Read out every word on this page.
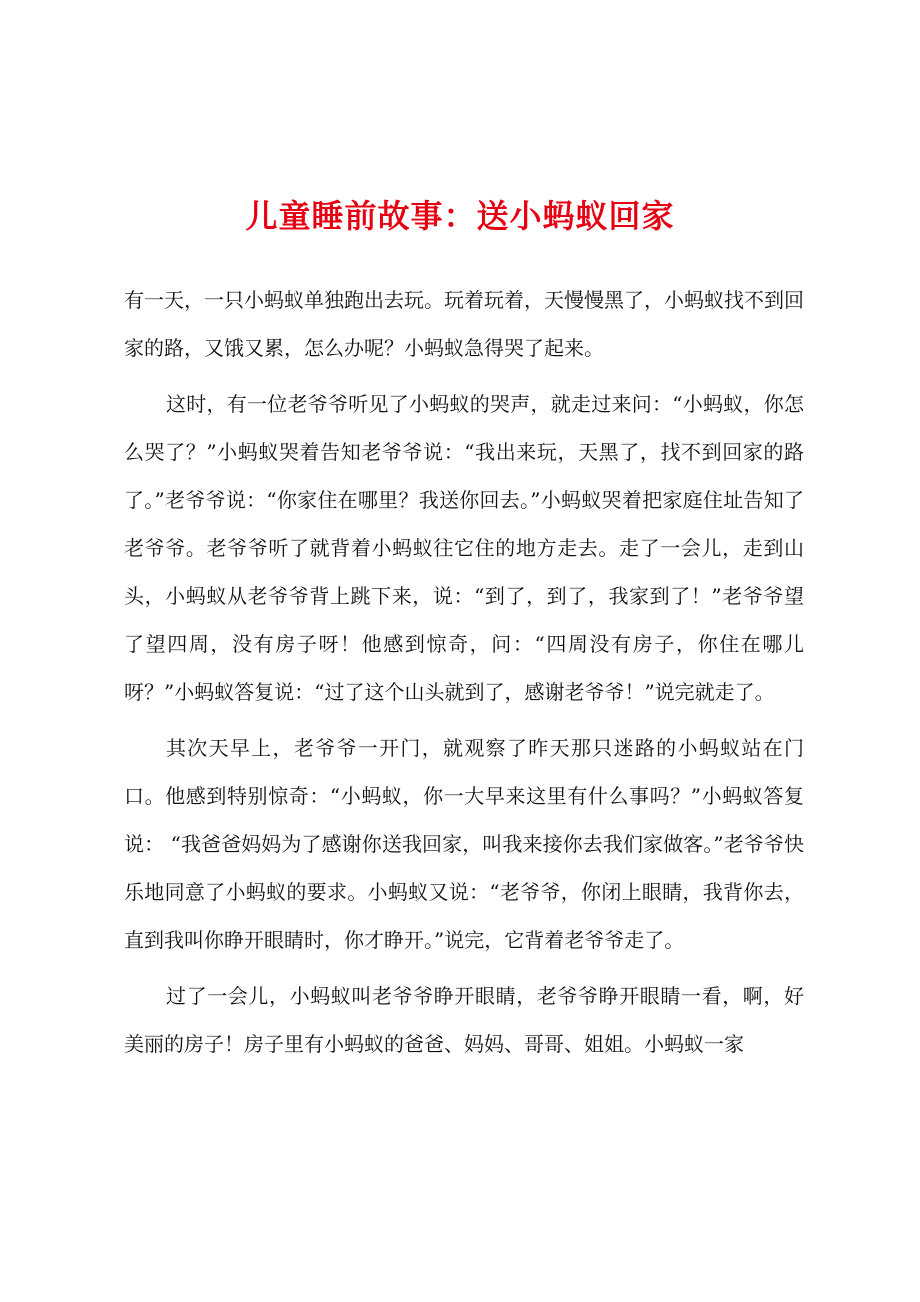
儿童睡前故事：送小蚂蚁回家

有一天，一只小蚂蚁单独跑出去玩。玩着玩着，天慢慢黑了，小蚂蚁找不到回家的路，又饿又累，怎么办呢？小蚂蚁急得哭了起来。

这时，有一位老爷爷听见了小蚂蚁的哭声，就走过来问：“小蚂蚁，你怎么哭了？”小蚂蚁哭着告知老爷爷说：“我出来玩，天黑了，找不到回家的路了。”老爷爷说：“你家住在哪里？我送你回去。”小蚂蚁哭着把家庭住址告知了老爷爷。老爷爷听了就背着小蚂蚁往它住的地方走去。走了一会儿，走到山头，小蚂蚁从老爷爷背上跳下来，说：“到了，到了，我家到了！”老爷爷望了望四周，没有房子呀！他感到惊奇，问：“四周没有房子，你住在哪儿呀？”小蚂蚁答复说：“过了这个山头就到了，感谢老爷爷！”说完就走了。

其次天早上，老爷爷一开门，就观察了昨天那只迷路的小蚂蚁站在门口。他感到特别惊奇：“小蚂蚁，你一大早来这里有什么事吗？”小蚂蚁答复说： “我爸爸妈妈为了感谢你送我回家，叫我来接你去我们家做客。”老爷爷快乐地同意了小蚂蚁的要求。小蚂蚁又说：“老爷爷，你闭上眼睛，我背你去，直到我叫你睁开眼睛时，你才睁开。”说完，它背着老爷爷走了。

过了一会儿，小蚂蚁叫老爷爷睁开眼睛，老爷爷睁开眼睛一看，啊，好美丽的房子！房子里有小蚂蚁的爸爸、妈妈、哥哥、姐姐。小蚂蚁一家
